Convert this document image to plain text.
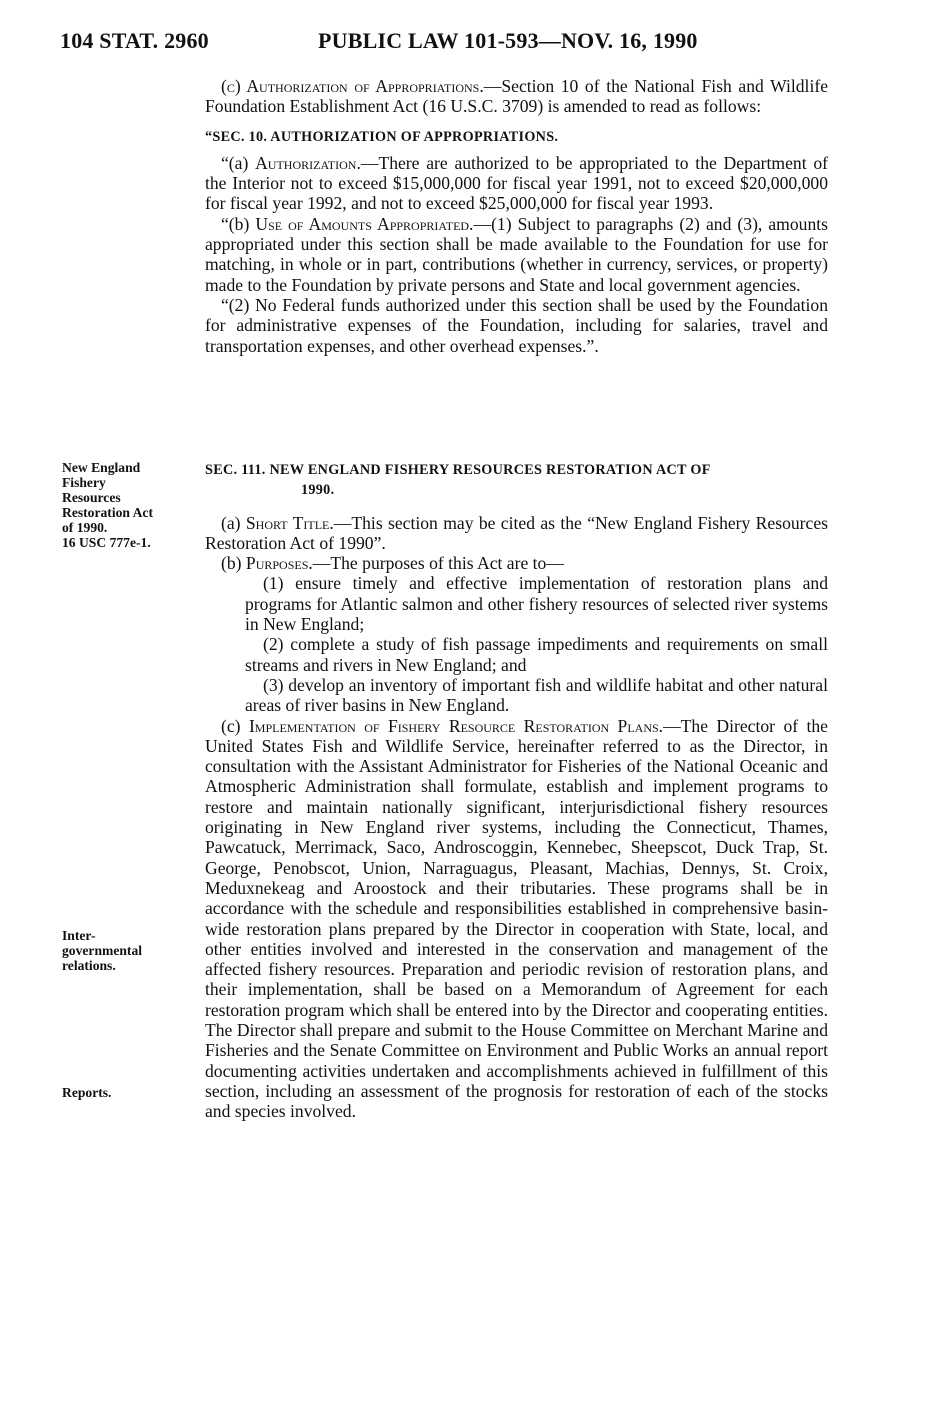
104 STAT. 2960	PUBLIC LAW 101-593—NOV. 16, 1990

(c) Authorization of Appropriations.—Section 10 of the National Fish and Wildlife Foundation Establishment Act (16 U.S.C. 3709) is amended to read as follows:

“SEC. 10. AUTHORIZATION OF APPROPRIATIONS.

“(a) Authorization.—There are authorized to be appropriated to the Department of the Interior not to exceed $15,000,000 for fiscal year 1991, not to exceed $20,000,000 for fiscal year 1992, and not to exceed $25,000,000 for fiscal year 1993.

“(b) Use of Amounts Appropriated.—(1) Subject to paragraphs (2) and (3), amounts appropriated under this section shall be made available to the Foundation for use for matching, in whole or in part, contributions (whether in currency, services, or property) made to the Foundation by private persons and State and local government agencies.

“(2) No Federal funds authorized under this section shall be used by the Foundation for administrative expenses of the Foundation, including for salaries, travel and transportation expenses, and other overhead expenses.”.

SEC. 111. NEW ENGLAND FISHERY RESOURCES RESTORATION ACT OF

1990.

(a) Short Title.—This section may be cited as the “New England Fishery Resources Restoration Act of 1990”.

(b) Purposes.—The purposes of this Act are to—

(1) ensure timely and effective implementation of restoration plans and programs for Atlantic salmon and other fishery resources of selected river systems in New England;

(2) complete a study of fish passage impediments and requirements on small streams and rivers in New England; and

(3) develop an inventory of important fish and wildlife habitat and other natural areas of river basins in New England.

(c) Implementation of Fishery Resource Restoration Plans.—The Director of the United States Fish and Wildlife Service, hereinafter referred to as the Director, in consultation with the Assistant Administrator for Fisheries of the National Oceanic and Atmospheric Administration shall formulate, establish and implement programs to restore and maintain nationally significant, interjurisdictional fishery resources originating in New England river systems, including the Connecticut, Thames, Pawcatuck, Merrimack, Saco, Androscoggin, Kennebec, Sheepscot, Duck Trap, St. George, Penobscot, Union, Narraguagus, Pleasant, Machias, Dennys, St. Croix, Meduxnekeag and Aroostock and their tributaries. These programs shall be in accordance with the schedule and responsibilities established in comprehensive basin-wide restoration plans prepared by the Director in cooperation with State, local, and other entities involved and interested in the conservation and management of the affected fishery resources. Preparation and periodic revision of restoration plans, and their implementation, shall be based on a Memorandum of Agreement for each restoration program which shall be entered into by the Director and cooperating entities. The Director shall prepare and submit to the House Committee on Merchant Marine and Fisheries and the Senate Committee on Environment and Public Works an annual report documenting activities undertaken and accomplishments achieved in fulfillment of this section, including an assessment of the prognosis for restoration of each of the stocks and species involved.

New England
Fishery
Resources
Restoration Act
of 1990.
16 USC 777e-1.
Inter-
governmental
relations.
Reports.
